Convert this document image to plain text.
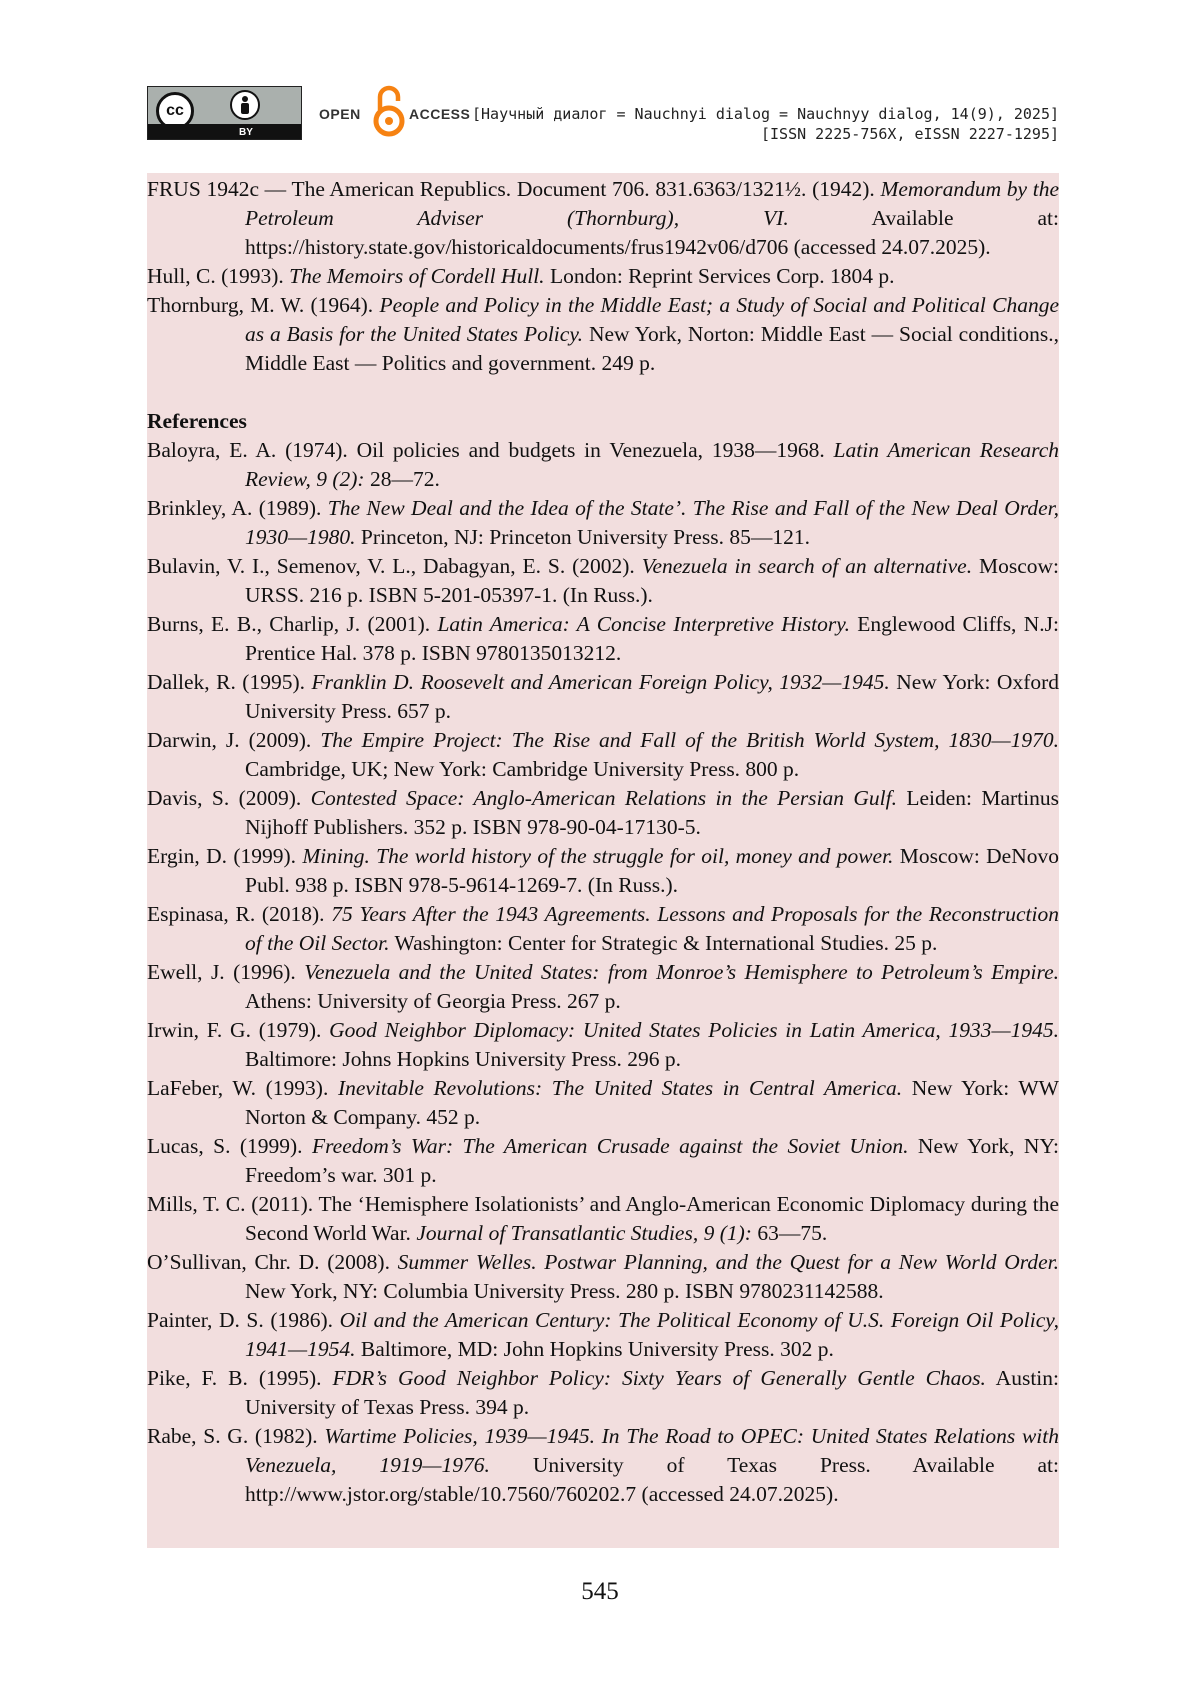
cc
BY
OPEN	ACCESS [Научный диалог = Nauchnyi dialog = Nauchnyy dialog, 14(9), 2025]
[ISSN 2225-756X, eISSN 2227-1295]

FRUS 1942c — The American Republics. Document 706. 831.6363/1321½. (1942). Memorandum by the Petroleum Adviser (Thornburg), VI. Available at: https://history.state.gov/historicaldocuments/frus1942v06/d706 (accessed 24.07.2025).

Hull, C. (1993). The Memoirs of Cordell Hull. London: Reprint Services Corp. 1804 p.

Thornburg, M. W. (1964). People and Policy in the Middle East; a Study of Social and Political Change as a Basis for the United States Policy. New York, Norton: Middle East — Social conditions., Middle East — Politics and government. 249 p.

References

Baloyra, E. A. (1974). Oil policies and budgets in Venezuela, 1938—1968. Latin American Research Review, 9 (2): 28—72.

Brinkley, A. (1989). The New Deal and the Idea of the State’. The Rise and Fall of the New Deal Order, 1930—1980. Princeton, NJ: Princeton University Press. 85—121.

Bulavin, V. I., Semenov, V. L., Dabagyan, E. S. (2002). Venezuela in search of an alternative. Moscow: URSS. 216 p. ISBN 5-201-05397-1. (In Russ.).

Burns, E. B., Charlip, J. (2001). Latin America: A Concise Interpretive History. Englewood Cliffs, N.J: Prentice Hal. 378 p. ISBN 9780135013212.

Dallek, R. (1995). Franklin D. Roosevelt and American Foreign Policy, 1932—1945. New York: Oxford University Press. 657 p.

Darwin, J. (2009). The Empire Project: The Rise and Fall of the British World System, 1830—1970. Cambridge, UK; New York: Cambridge University Press. 800 p.

Davis, S. (2009). Contested Space: Anglo-American Relations in the Persian Gulf. Leiden: Martinus Nijhoff Publishers. 352 p. ISBN 978-90-04-17130-5.

Ergin, D. (1999). Mining. The world history of the struggle for oil, money and power. Moscow: DeNovo Publ. 938 p. ISBN 978-5-9614-1269-7. (In Russ.).

Espinasa, R. (2018). 75 Years After the 1943 Agreements. Lessons and Proposals for the Reconstruction of the Oil Sector. Washington: Center for Strategic & International Studies. 25 p.

Ewell, J. (1996). Venezuela and the United States: from Monroe’s Hemisphere to Petroleum’s Empire. Athens: University of Georgia Press. 267 p.

Irwin, F. G. (1979). Good Neighbor Diplomacy: United States Policies in Latin America, 1933—1945. Baltimore: Johns Hopkins University Press. 296 p.

LaFeber, W. (1993). Inevitable Revolutions: The United States in Central America. New York: WW Norton & Company. 452 p.

Lucas, S. (1999). Freedom’s War: The American Crusade against the Soviet Union. New York, NY: Freedom’s war. 301 p.

Mills, T. C. (2011). The ‘Hemisphere Isolationists’ and Anglo-American Economic Diplomacy during the Second World War. Journal of Transatlantic Studies, 9 (1): 63—75.

O’Sullivan, Chr. D. (2008). Summer Welles. Postwar Planning, and the Quest for a New World Order. New York, NY: Columbia University Press. 280 p. ISBN 9780231142588.

Painter, D. S. (1986). Oil and the American Century: The Political Economy of U.S. Foreign Oil Policy, 1941—1954. Baltimore, MD: John Hopkins University Press. 302 p.

Pike, F. B. (1995). FDR’s Good Neighbor Policy: Sixty Years of Generally Gentle Chaos. Austin: University of Texas Press. 394 p.

Rabe, S. G. (1982). Wartime Policies, 1939—1945. In The Road to OPEC: United States Relations with Venezuela, 1919—1976. University of Texas Press. Available at: http://www.jstor.org/stable/10.7560/760202.7 (accessed 24.07.2025).

545
